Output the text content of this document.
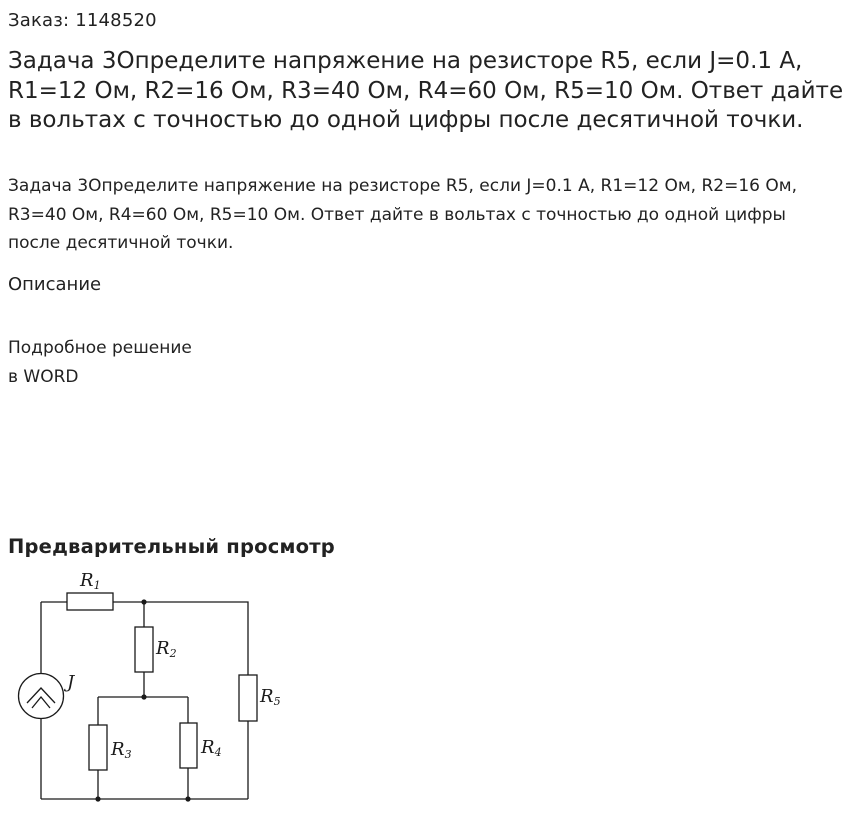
Заказ: 1148520
Задача 3Определите напряжение на резисторе R5, если J=0.1 А, R1=12 Ом, R2=16 Ом, R3=40 Ом, R4=60 Ом, R5=10 Ом. Ответ дайте в вольтах с точностью до одной цифры после десятичной точки.

Задача 3Определите напряжение на резисторе R5, если J=0.1 А, R1=12 Ом, R2=16 Ом, R3=40 Ом, R4=60 Ом, R5=10 Ом. Ответ дайте в вольтах с точностью до одной цифры после десятичной точки.

Описание
Подробное решение
в WORD
Предварительный просмотр
J
R1
R2
R3	R4
R5
